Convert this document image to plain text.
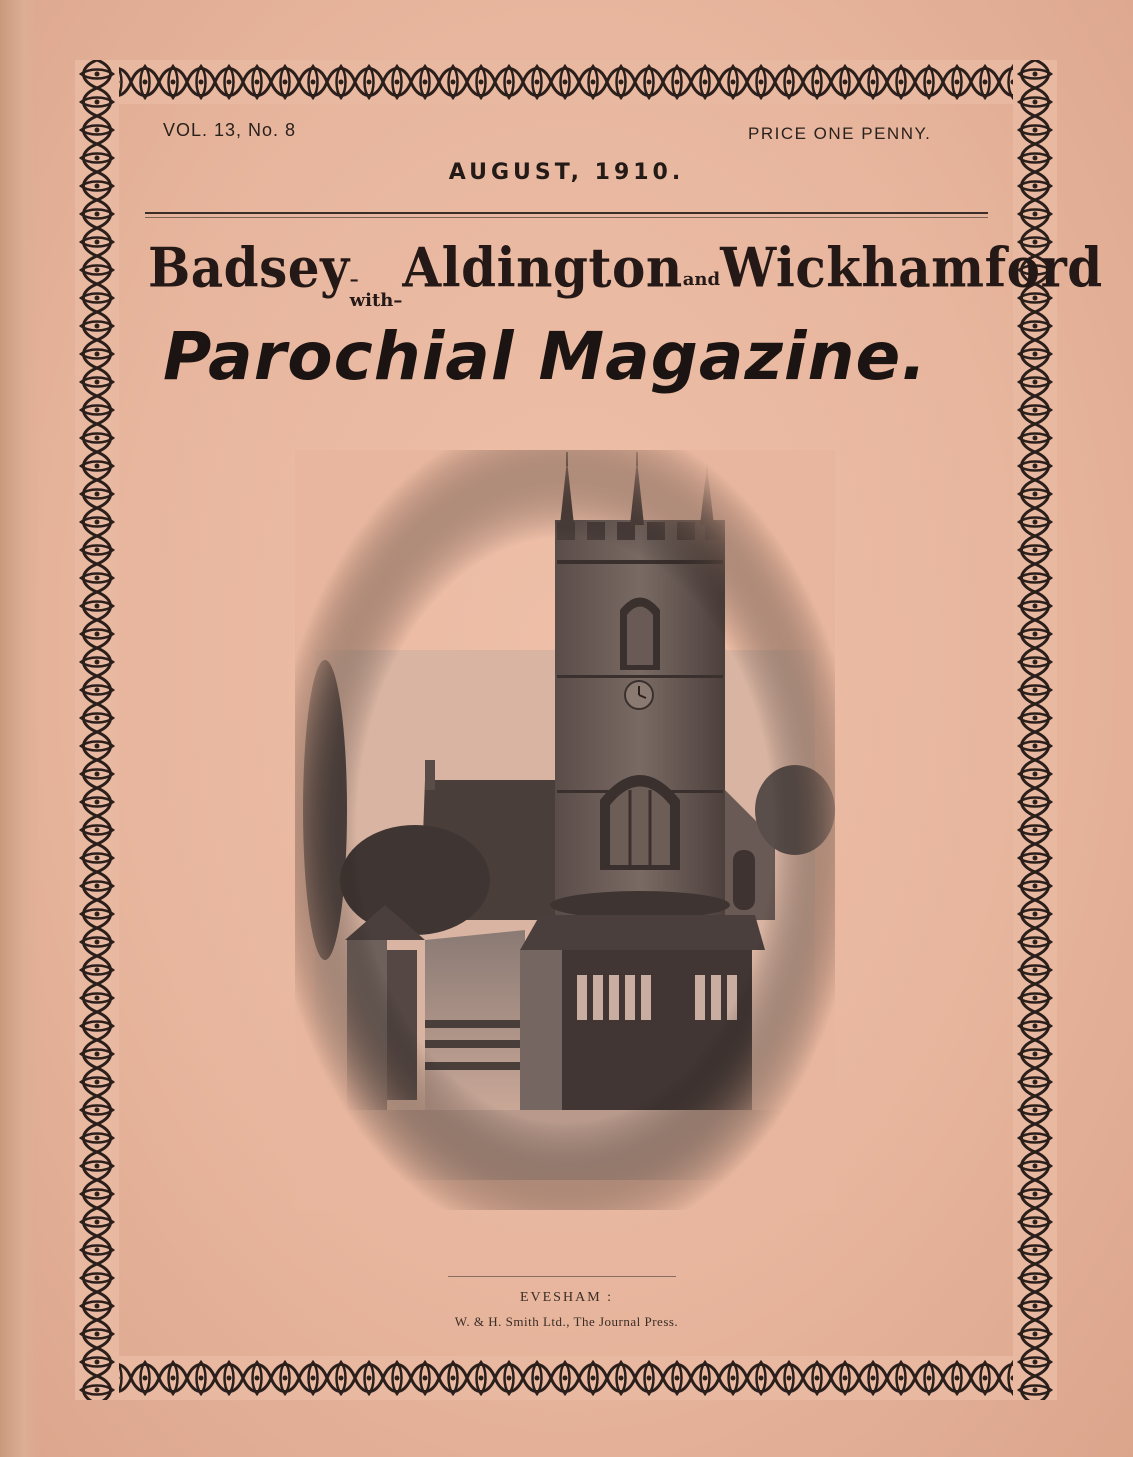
VOL. 13, No. 8	PRICE ONE PENNY.
AUGUST, 1910.
Badsey –with–
Aldington and Wickhamford
Parochial Magazine.
EVESHAM :
W. & H. Smith Ltd., The Journal Press.
